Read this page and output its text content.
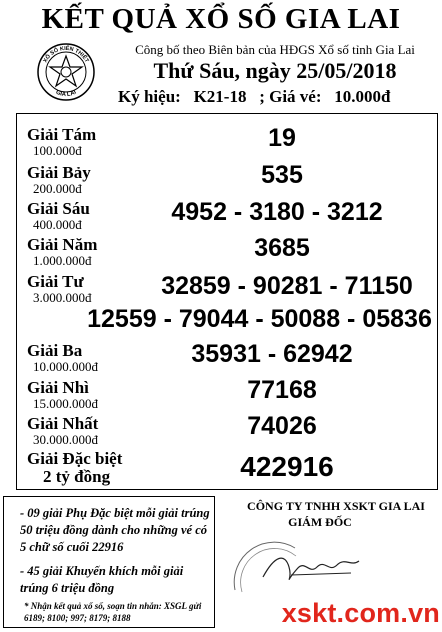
KẾT QUẢ XỔ SỐ GIA LAI
XỔ SỐ KIẾN THIẾT
GIA LAI
Công bố theo Biên bản của HĐGS Xổ số tỉnh Gia Lai
Thứ Sáu, ngày 25/05/2018
Ký hiệu: K21-18 ; Giá vé: 10.000đ
Giải Tám
100.000đ	19
Giải Bảy
200.000đ	535
Giải Sáu
400.000đ	4952 - 3180 - 3212
Giải Năm
1.000.000đ	3685
Giải Tư
3.000.000đ	32859 - 90281 - 71150
12559 - 79044 - 50088 - 05836
Giải Ba
10.000.000đ	35931 - 62942
Giải Nhì
15.000.000đ	77168
Giải Nhất
30.000.000đ	74026
Giải Đặc biệt
2 tỷ đồng	422916
- 09 giải Phụ Đặc biệt mỗi giải trúng 50 triệu đồng dành cho những vé có 5 chữ số cuối 22916
- 45 giải Khuyến khích mỗi giải trúng 6 triệu đồng
* Nhận kết quả xổ số, soạn tin nhắn: XSGL gửi 6189; 8100; 997; 8179; 8188
CÔNG TY TNHH XSKT GIA LAI
GIÁM ĐỐC
xskt.com.vn
